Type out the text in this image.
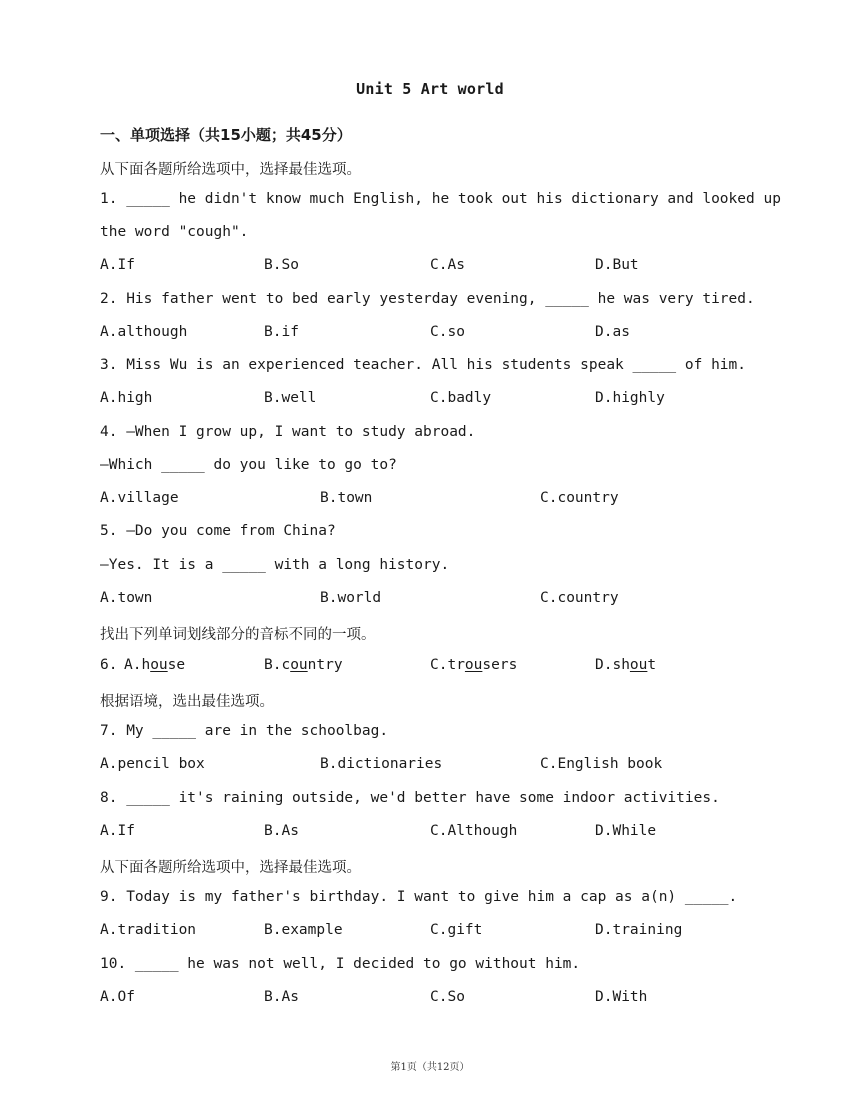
Unit 5 Art world
一、单项选择（共15小题；共45分）
从下面各题所给选项中，选择最佳选项。
1. _____ he didn't know much English, he took out his dictionary and looked up
the word "cough".
A.If	B.So	C.As	D.But
2. His father went to bed early yesterday evening, _____ he was very tired.
A.although	B.if	C.so	D.as
3. Miss Wu is an experienced teacher. All his students speak _____ of him.
A.high	B.well	C.badly	D.highly
4. —When I grow up, I want to study abroad.
—Which _____ do you like to go to?
A.village	B.town	C.country
5. —Do you come from China?
—Yes. It is a _____ with a long history.
A.town	B.world	C.country
找出下列单词划线部分的音标不同的一项。
6. A.house	B.country	C.trousers	D.shout
根据语境，选出最佳选项。
7. My _____ are in the schoolbag.
A.pencil box	B.dictionaries	C.English book
8. _____ it's raining outside, we'd better have some indoor activities.
A.If	B.As	C.Although	D.While
从下面各题所给选项中，选择最佳选项。
9. Today is my father's birthday. I want to give him a cap as a(n) _____.
A.tradition	B.example	C.gift	D.training
10. _____ he was not well, I decided to go without him.
A.Of	B.As	C.So	D.With
第1页（共12页）
